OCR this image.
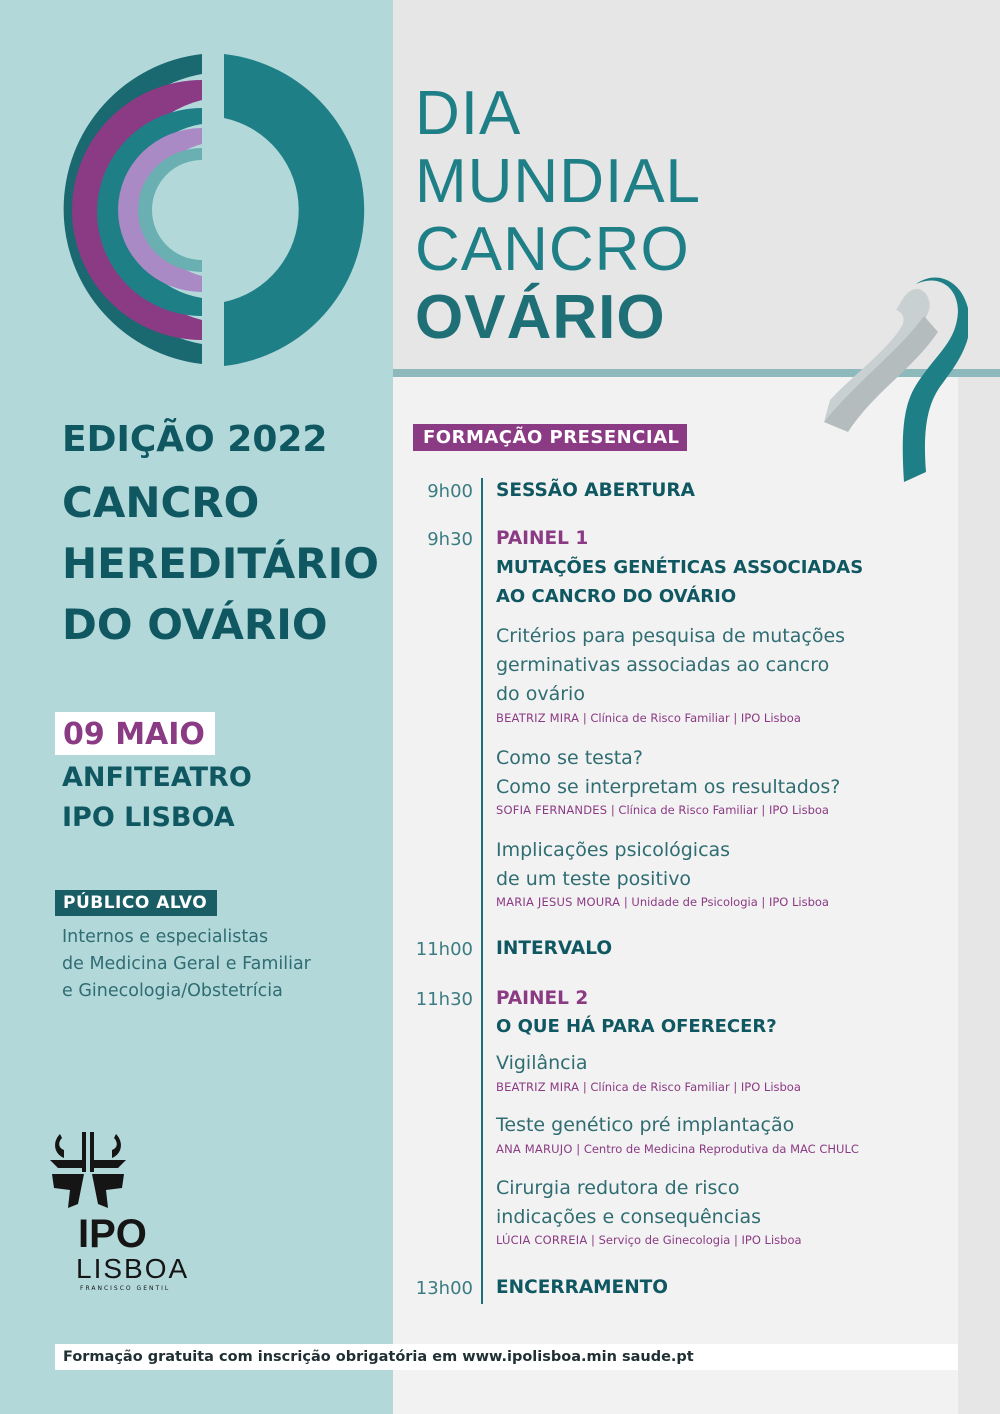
DIA
MUNDIAL
CANCRO
OVÁRIO
EDIÇÃO 2022
CANCRO
HEREDITÁRIO
DO OVÁRIO
09 MAIO
ANFITEATRO
IPO LISBOA
PÚBLICO ALVO
Internos e especialistas
de Medicina Geral e Familiar
e Ginecologia/Obstetrícia
IPO
LISBOA
FRANCISCO GENTIL
FORMAÇÃO PRESENCIAL
9h00 SESSÃO ABERTURA
9h30 PAINEL 1
MUTAÇÕES GENÉTICAS ASSOCIADAS
AO CANCRO DO OVÁRIO
Critérios para pesquisa de mutações
germinativas associadas ao cancro
do ovário
BEATRIZ MIRA | Clínica de Risco Familiar | IPO Lisboa
Como se testa?
Como se interpretam os resultados?
SOFIA FERNANDES | Clínica de Risco Familiar | IPO Lisboa
Implicações psicológicas
de um teste positivo
MARIA JESUS MOURA | Unidade de Psicologia | IPO Lisboa
11h00 INTERVALO
11h30 PAINEL 2
O QUE HÁ PARA OFERECER?
Vigilância
BEATRIZ MIRA | Clínica de Risco Familiar | IPO Lisboa
Teste genético pré implantação
ANA MARUJO | Centro de Medicina Reprodutiva da MAC CHULC
Cirurgia redutora de risco
indicações e consequências
LÚCIA CORREIA | Serviço de Ginecologia | IPO Lisboa
13h00 ENCERRAMENTO
Formação gratuita com inscrição obrigatória em www.ipolisboa.min saude.pt
